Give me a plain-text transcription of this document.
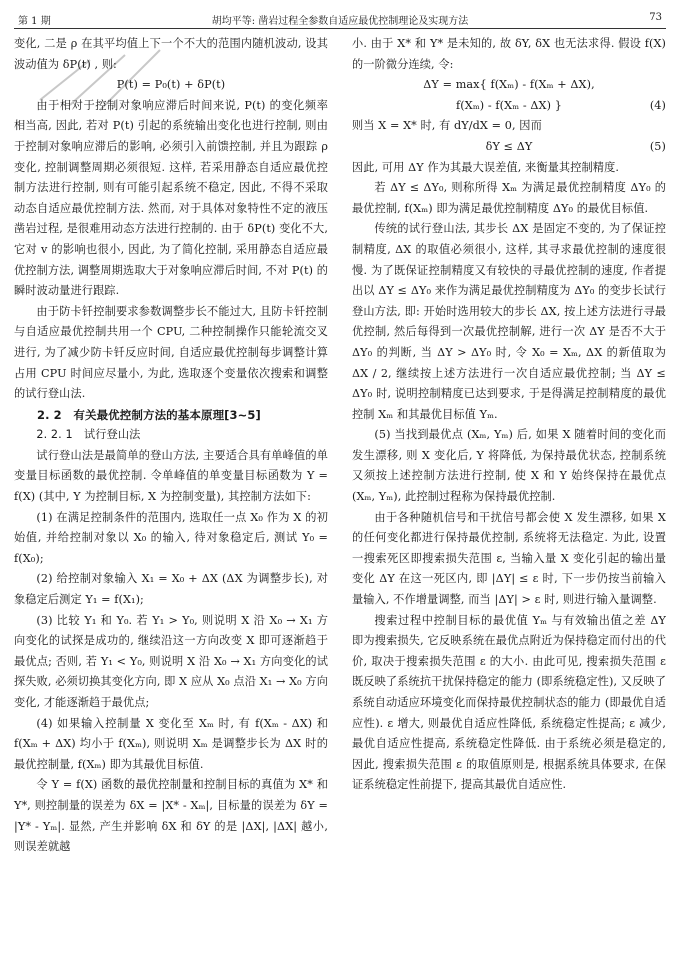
第 1 期	胡均平等: 凿岩过程全参数自适应最优控制理论及实现方法	73

变化, 二是 ρ 在其平均值上下一个不大的范围内随机波动, 设其波动值为 δP(t) , 则:

P(t) = P₀(t) + δP(t)

由于相对于控制对象响应滞后时间来说, P(t) 的变化频率相当高, 因此, 若对 P(t) 引起的系统输出变化也进行控制, 则由于控制对象响应滞后的影响, 必须引入前馈控制, 并且为跟踪 ρ 变化, 控制调整周期必须很短. 这样, 若采用静态自适应最优控制方法进行控制, 则有可能引起系统不稳定, 因此, 不得不采取动态自适应最优控制方法. 然而, 对于具体对象特性不定的液压凿岩过程, 是很难用动态方法进行控制的. 由于 δP(t) 变化不大, 它对 v 的影响也很小, 因此, 为了简化控制, 采用静态自适应最优控制方法, 调整周期选取大于对象响应滞后时间, 不对 P(t) 的瞬时波动量进行跟踪.

由于防卡钎控制要求参数调整步长不能过大, 且防卡钎控制与自适应最优控制共用一个 CPU, 二种控制操作只能轮流交叉进行, 为了减少防卡钎反应时间, 自适应最优控制每步调整计算占用 CPU 时间应尽量小, 为此, 选取逐个变量依次搜索和调整的试行登山法.

2. 2　有关最优控制方法的基本原理[3~5]

2. 2. 1　试行登山法

试行登山法是最简单的登山方法, 主要适合具有单峰值的单变量目标函数的最优控制. 令单峰值的单变量目标函数为 Y = f(X) (其中, Y 为控制目标, X 为控制变量), 其控制方法如下:

(1) 在满足控制条件的范围内, 选取任一点 X₀ 作为 X 的初始值, 并给控制对象以 X₀ 的输入, 待对象稳定后, 测试 Y₀ = f(X₀);

(2) 给控制对象输入 X₁ = X₀ + ΔX (ΔX 为调整步长), 对象稳定后测定 Y₁ = f(X₁);

(3) 比较 Y₁ 和 Y₀. 若 Y₁ > Y₀, 则说明 X 沿 X₀ → X₁ 方向变化的试探是成功的, 继续沿这一方向改变 X 即可逐渐趋于最优点; 否则, 若 Y₁ < Y₀, 则说明 X 沿 X₀ → X₁ 方向变化的试探失败, 必须切换其变化方向, 即 X 应从 X₀ 点沿 X₁ → X₀ 方向变化, 才能逐渐趋于最优点;

(4) 如果输入控制量 X 变化至 Xₘ 时, 有 f(Xₘ - ΔX) 和 f(Xₘ + ΔX) 均小于 f(Xₘ), 则说明 Xₘ 是调整步长为 ΔX 时的最优控制量, f(Xₘ) 即为其最优目标值.

令 Y = f(X) 函数的最优控制量和控制目标的真值为 X* 和 Y*, 则控制量的误差为 δX = |X* - Xₘ|, 目标量的误差为 δY = |Y* - Yₘ|. 显然, 产生并影响 δX 和 δY 的是 |ΔX|, |ΔX| 越小, 则误差就越

小. 由于 X* 和 Y* 是未知的, 故 δY, δX 也无法求得. 假设 f(X) 的一阶微分连续, 令:

ΔY = max{ f(Xₘ) - f(Xₘ + ΔX),

f(Xₘ) - f(Xₘ - ΔX) }	(4)

则当 X = X* 时, 有 dY/dX = 0, 因而

δY ≤ ΔY	(5)

因此, 可用 ΔY 作为其最大误差值, 来衡量其控制精度.

若 ΔY ≤ ΔY₀, 则称所得 Xₘ 为满足最优控制精度 ΔY₀ 的最优控制, f(Xₘ) 即为满足最优控制精度 ΔY₀ 的最优目标值.

传统的试行登山法, 其步长 ΔX 是固定不变的, 为了保证控制精度, ΔX 的取值必须很小, 这样, 其寻求最优控制的速度很慢. 为了既保证控制精度又有较快的寻最优控制的速度, 作者提出以 ΔY ≤ ΔY₀ 来作为满足最优控制精度为 ΔY₀ 的变步长试行登山方法, 即: 开始时选用较大的步长 ΔX, 按上述方法进行寻最优控制, 然后每得到一次最优控制解, 进行一次 ΔY 是否不大于 ΔY₀ 的判断, 当 ΔY > ΔY₀ 时, 令 X₀ = Xₘ, ΔX 的新值取为 ΔX / 2, 继续按上述方法进行一次自适应最优控制; 当 ΔY ≤ ΔY₀ 时, 说明控制精度已达到要求, 于是得满足控制精度的最优控制 Xₘ 和其最优目标值 Yₘ.

(5) 当找到最优点 (Xₘ, Yₘ) 后, 如果 X 随着时间的变化而发生漂移, 则 X 变化后, Y 将降低, 为保持最优状态, 控制系统又须按上述控制方法进行控制, 使 X 和 Y 始终保持在最优点 (Xₘ, Yₘ), 此控制过程称为保持最优控制.

由于各种随机信号和干扰信号都会使 X 发生漂移, 如果 X 的任何变化都进行保持最优控制, 系统将无法稳定. 为此, 设置一搜索死区即搜索损失范围 ε, 当输入量 X 变化引起的输出量变化 ΔY 在这一死区内, 即 |ΔY| ≤ ε 时, 下一步仍按当前输入量输入, 不作增量调整, 而当 |ΔY| > ε 时, 则进行输入量调整.

搜索过程中控制目标的最优值 Yₘ 与有效输出值之差 ΔY 即为搜索损失, 它反映系统在最优点附近为保持稳定而付出的代价, 取决于搜索损失范围 ε 的大小. 由此可见, 搜索损失范围 ε 既反映了系统抗干扰保持稳定的能力 (即系统稳定性), 又反映了系统自动适应环境变化而保持最优控制状态的能力 (即最优自适应性). ε 增大, 则最优自适应性降低, 系统稳定性提高; ε 减少, 最优自适应性提高, 系统稳定性降低. 由于系统必须是稳定的, 因此, 搜索损失范围 ε 的取值原则是, 根据系统具体要求, 在保证系统稳定性前提下, 提高其最优自适应性.
